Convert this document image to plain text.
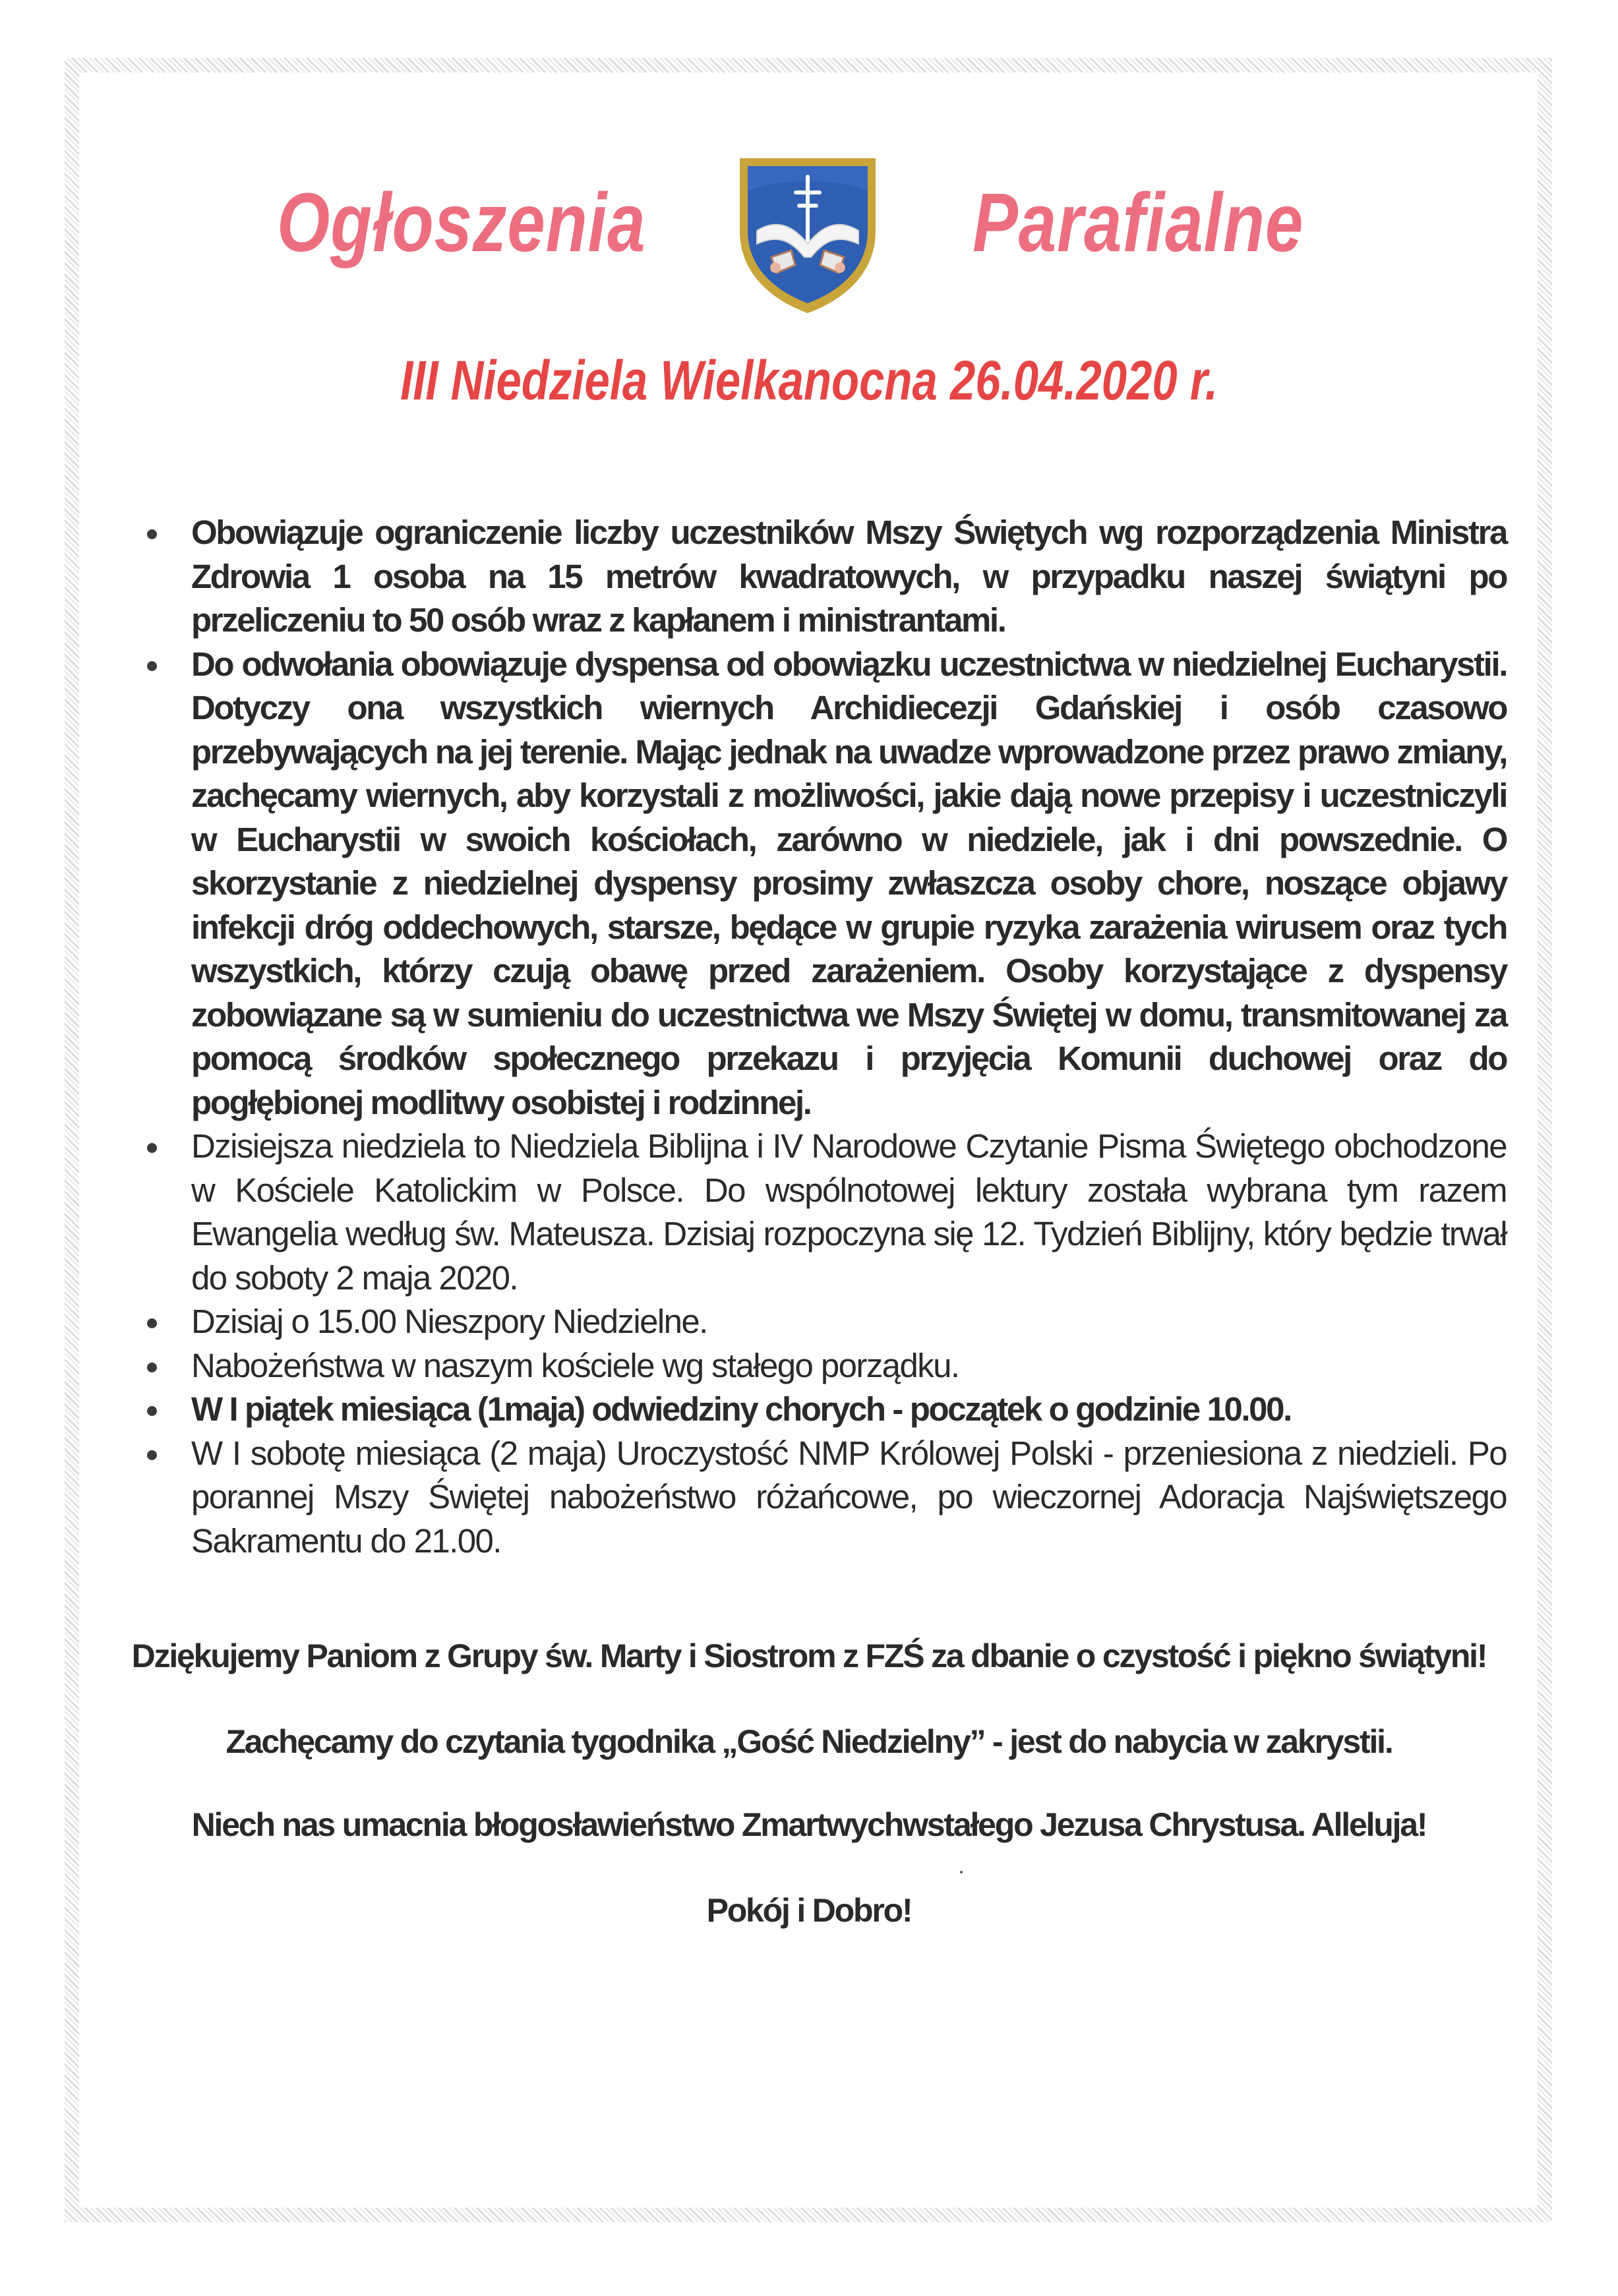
Ogłoszenia	Parafialne
III Niedziela Wielkanocna 26.04.2020 r.
Obowiązuje ograniczenie liczby uczestników Mszy Świętych wg rozporządzenia Ministra Zdrowia 1 osoba na 15 metrów kwadratowych, w przypadku naszej świątyni po przeliczeniu to 50 osób wraz z kapłanem i ministrantami.
Do odwołania obowiązuje dyspensa od obowiązku uczestnictwa w niedzielnej Eucharystii. Dotyczy ona wszystkich wiernych Archidiecezji Gdańskiej i osób czasowo przebywających na jej terenie. Mając jednak na uwadze wprowadzone przez prawo zmiany, zachęcamy wiernych, aby korzystali z możliwości, jakie dają nowe przepisy i uczestniczyli w Eucharystii w swoich kościołach, zarówno w niedziele, jak i dni powszednie. O skorzystanie z niedzielnej dyspensy prosimy zwłaszcza osoby chore, noszące objawy infekcji dróg oddechowych, starsze, będące w grupie ryzyka zarażenia wirusem oraz tych wszystkich, którzy czują obawę przed zarażeniem. Osoby korzystające z dyspensy zobowiązane są w sumieniu do uczestnictwa we Mszy Świętej w domu, transmitowanej za pomocą środków społecznego przekazu i przyjęcia Komunii duchowej oraz do pogłębionej modlitwy osobistej i rodzinnej.
Dzisiejsza niedziela to Niedziela Biblijna i IV Narodowe Czytanie Pisma Świętego obchodzone w Kościele Katolickim w Polsce. Do wspólnotowej lektury została wybrana tym razem Ewangelia według św. Mateusza. Dzisiaj rozpoczyna się 12. Tydzień Biblijny, który będzie trwał do soboty 2 maja 2020.
Dzisiaj o 15.00 Nieszpory Niedzielne.
Nabożeństwa w naszym kościele wg stałego porządku.
W I piątek miesiąca (1maja) odwiedziny chorych - początek o godzinie 10.00.
W I sobotę miesiąca (2 maja) Uroczystość NMP Królowej Polski - przeniesiona z niedzieli. Po porannej Mszy Świętej nabożeństwo różańcowe, po wieczornej Adoracja Najświętszego Sakramentu do 21.00.
Dziękujemy Paniom z Grupy św. Marty i Siostrom z FZŚ za dbanie o czystość i piękno świątyni!
Zachęcamy do czytania tygodnika „Gość Niedzielny” - jest do nabycia w zakrystii.
Niech nas umacnia błogosławieństwo Zmartwychwstałego Jezusa Chrystusa. Alleluja!
Pokój i Dobro!
